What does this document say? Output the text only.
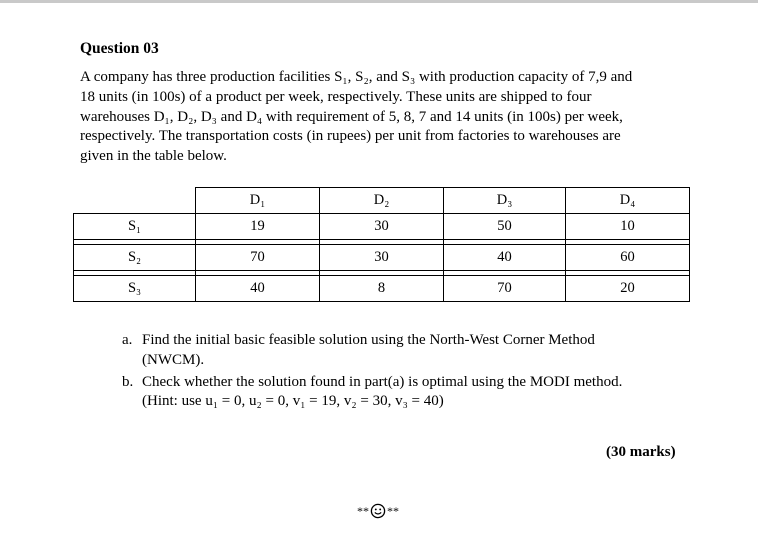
Question 03
A company has three production facilities S₁, S₂, and S₃ with production capacity of 7,9 and
18 units (in 100s) of a product per week, respectively. These units are shipped to four
warehouses D₁, D₂, D₃ and D₄ with requirement of 5, 8, 7 and 14 units (in 100s) per week,
respectively. The transportation costs (in rupees) per unit from factories to warehouses are
given in the table below.
	D₁	D₂	D₃	D₄
S₁	19	30	50	10

S₂	70	30	40	60

S₃	40	8	70	20
a. Find the initial basic feasible solution using the North-West Corner Method
(NWCM).
b. Check whether the solution found in part(a) is optimal using the MODI method.
(Hint: use u₁ = 0, u₂ = 0, v₁ = 19, v₂ = 30, v₃ = 40)
(30 marks)
** **
